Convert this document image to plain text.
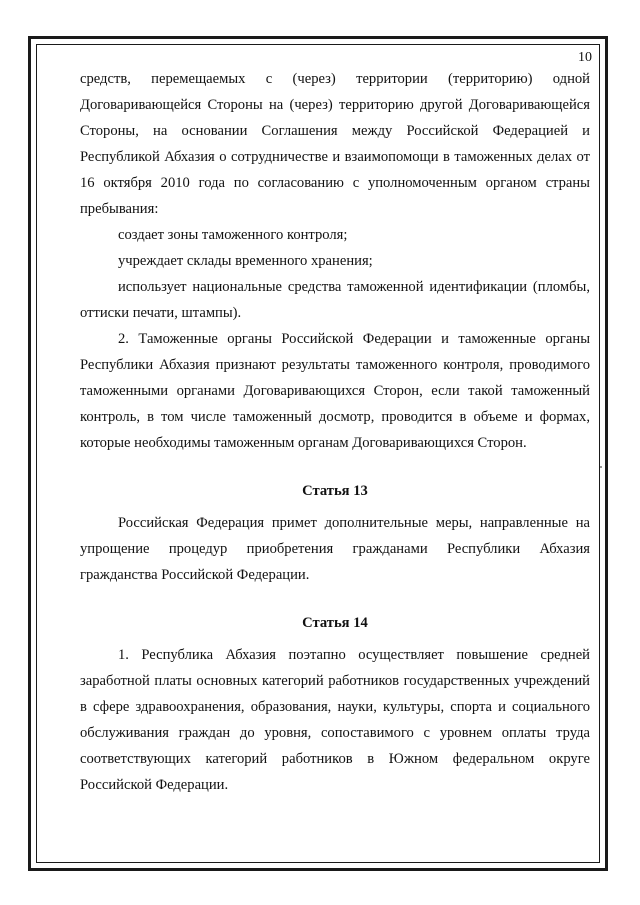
10

средств, перемещаемых с (через) территории (территорию) одной Договаривающейся Стороны на (через) территорию другой Договаривающейся Стороны, на основании Соглашения между Российской Федерацией и Республикой Абхазия о сотрудничестве и взаимопомощи в таможенных делах от 16 октября 2010 года по согласованию с уполномоченным органом страны пребывания:

создает зоны таможенного контроля;

учреждает склады временного хранения;

использует национальные средства таможенной идентификации (пломбы, оттиски печати, штампы).

2. Таможенные органы Российской Федерации и таможенные органы Республики Абхазия признают результаты таможенного контроля, проводимого таможенными органами Договаривающихся Сторон, если такой таможенный контроль, в том числе таможенный досмотр, проводится в объеме и формах, которые необходимы таможенным органам Договаривающихся Сторон.

Статья 13

Российская Федерация примет дополнительные меры, направленные на упрощение процедур приобретения гражданами Республики Абхазия гражданства Российской Федерации.

Статья 14

1. Республика Абхазия поэтапно осуществляет повышение средней заработной платы основных категорий работников государственных учреждений в сфере здравоохранения, образования, науки, культуры, спорта и социального обслуживания граждан до уровня, сопоставимого с уровнем оплаты труда соответствующих категорий работников в Южном федеральном округе Российской Федерации.
